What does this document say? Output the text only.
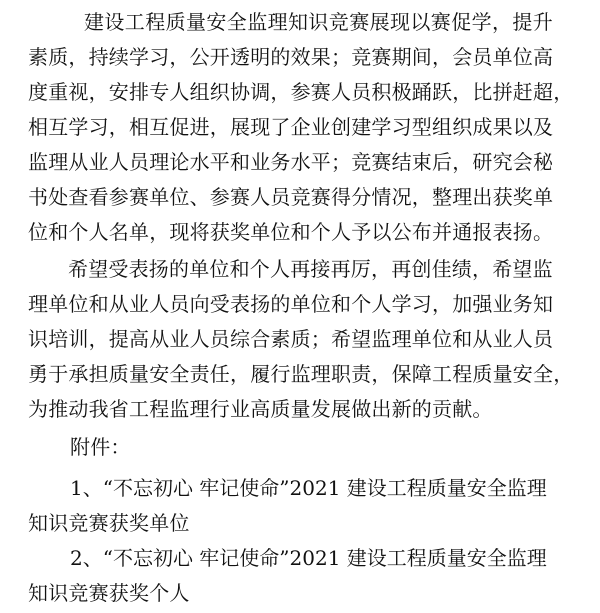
建设工程质量安全监理知识竞赛展现以赛促学，提升
素质，持续学习，公开透明的效果；竞赛期间，会员单位高
度重视，安排专人组织协调，参赛人员积极踊跃，比拼赶超，
相互学习，相互促进，展现了企业创建学习型组织成果以及
监理从业人员理论水平和业务水平；竞赛结束后，研究会秘
书处查看参赛单位、参赛人员竞赛得分情况，整理出获奖单
位和个人名单，现将获奖单位和个人予以公布并通报表扬。
希望受表扬的单位和个人再接再厉，再创佳绩，希望监
理单位和从业人员向受表扬的单位和个人学习，加强业务知
识培训，提高从业人员综合素质；希望监理单位和从业人员
勇于承担质量安全责任，履行监理职责，保障工程质量安全，
为推动我省工程监理行业高质量发展做出新的贡献。
附件：
1、“不忘初心 牢记使命”2021 建设工程质量安全监理
知识竞赛获奖单位
2、“不忘初心 牢记使命”2021 建设工程质量安全监理
知识竞赛获奖个人
